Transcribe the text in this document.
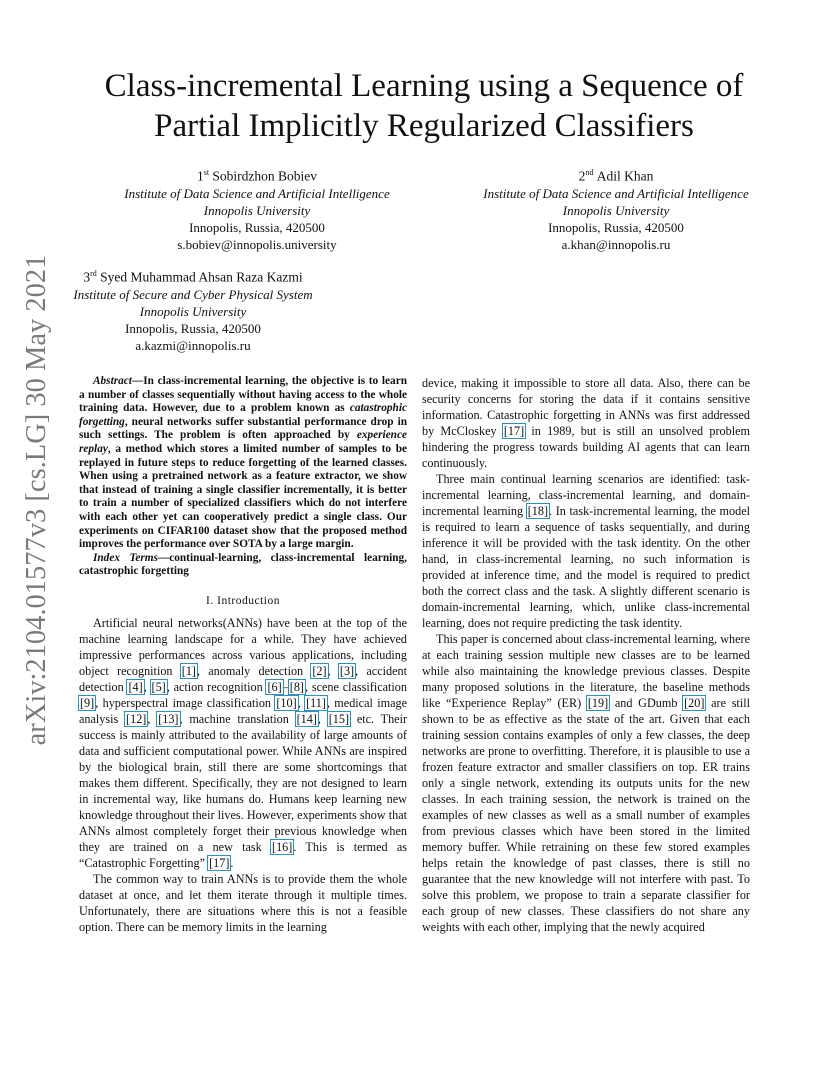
arXiv:2104.01577v3 [cs.LG] 30 May 2021
Class-incremental Learning using a Sequence of
Partial Implicitly Regularized Classifiers
1st Sobirdzhon Bobiev
Institute of Data Science and Artificial Intelligence
Innopolis University
Innopolis, Russia, 420500
s.bobiev@innopolis.university
2nd Adil Khan
Institute of Data Science and Artificial Intelligence
Innopolis University
Innopolis, Russia, 420500
a.khan@innopolis.ru
3rd Syed Muhammad Ahsan Raza Kazmi
Institute of Secure and Cyber Physical System
Innopolis University
Innopolis, Russia, 420500
a.kazmi@innopolis.ru

Abstract—In class-incremental learning, the objective is to learn a number of classes sequentially without having access to the whole training data. However, due to a problem known as catastrophic forgetting, neural networks suffer substantial performance drop in such settings. The problem is often approached by experience replay, a method which stores a limited number of samples to be replayed in future steps to reduce forgetting of the learned classes. When using a pretrained network as a feature extractor, we show that instead of training a single classifier incrementally, it is better to train a number of specialized classifiers which do not interfere with each other yet can cooperatively predict a single class. Our experiments on CIFAR100 dataset show that the proposed method improves the performance over SOTA by a large margin.

Index Terms—continual-learning, class-incremental learning, catastrophic forgetting

I. Introduction

Artificial neural networks(ANNs) have been at the top of the machine learning landscape for a while. They have achieved impressive performances across various applications, including object recognition [1], anomaly detection [2], [3], accident detection [4], [5], action recognition [6]–[8], scene classification [9], hyperspectral image classification [10], [11], medical image analysis [12], [13], machine translation [14], [15] etc. Their success is mainly attributed to the availability of large amounts of data and sufficient computational power. While ANNs are inspired by the biological brain, still there are some shortcomings that makes them different. Specifically, they are not designed to learn in incremental way, like humans do. Humans keep learning new knowledge throughout their lives. However, experiments show that ANNs almost completely forget their previous knowledge when they are trained on a new task [16]. This is termed as “Catastrophic Forgetting” [17].

The common way to train ANNs is to provide them the whole dataset at once, and let them iterate through it multiple times. Unfortunately, there are situations where this is not a feasible option. There can be memory limits in the learning

device, making it impossible to store all data. Also, there can be security concerns for storing the data if it contains sensitive information. Catastrophic forgetting in ANNs was first addressed by McCloskey [17] in 1989, but is still an unsolved problem hindering the progress towards building AI agents that can learn continuously.

Three main continual learning scenarios are identified: task-incremental learning, class-incremental learning, and domain-incremental learning [18]. In task-incremental learning, the model is required to learn a sequence of tasks sequentially, and during inference it will be provided with the task identity. On the other hand, in class-incremental learning, no such information is provided at inference time, and the model is required to predict both the correct class and the task. A slightly different scenario is domain-incremental learning, which, unlike class-incremental learning, does not require predicting the task identity.

This paper is concerned about class-incremental learning, where at each training session multiple new classes are to be learned while also maintaining the knowledge previous classes. Despite many proposed solutions in the literature, the baseline methods like “Experience Replay” (ER) [19] and GDumb [20] are still shown to be as effective as the state of the art. Given that each training session contains examples of only a few classes, the deep networks are prone to overfitting. Therefore, it is plausible to use a frozen feature extractor and smaller classifiers on top. ER trains only a single network, extending its outputs units for the new classes. In each training session, the network is trained on the examples of new classes as well as a small number of examples from previous classes which have been stored in the limited memory buffer. While retraining on these few stored examples helps retain the knowledge of past classes, there is still no guarantee that the new knowledge will not interfere with past. To solve this problem, we propose to train a separate classifier for each group of new classes. These classifiers do not share any weights with each other, implying that the newly acquired
